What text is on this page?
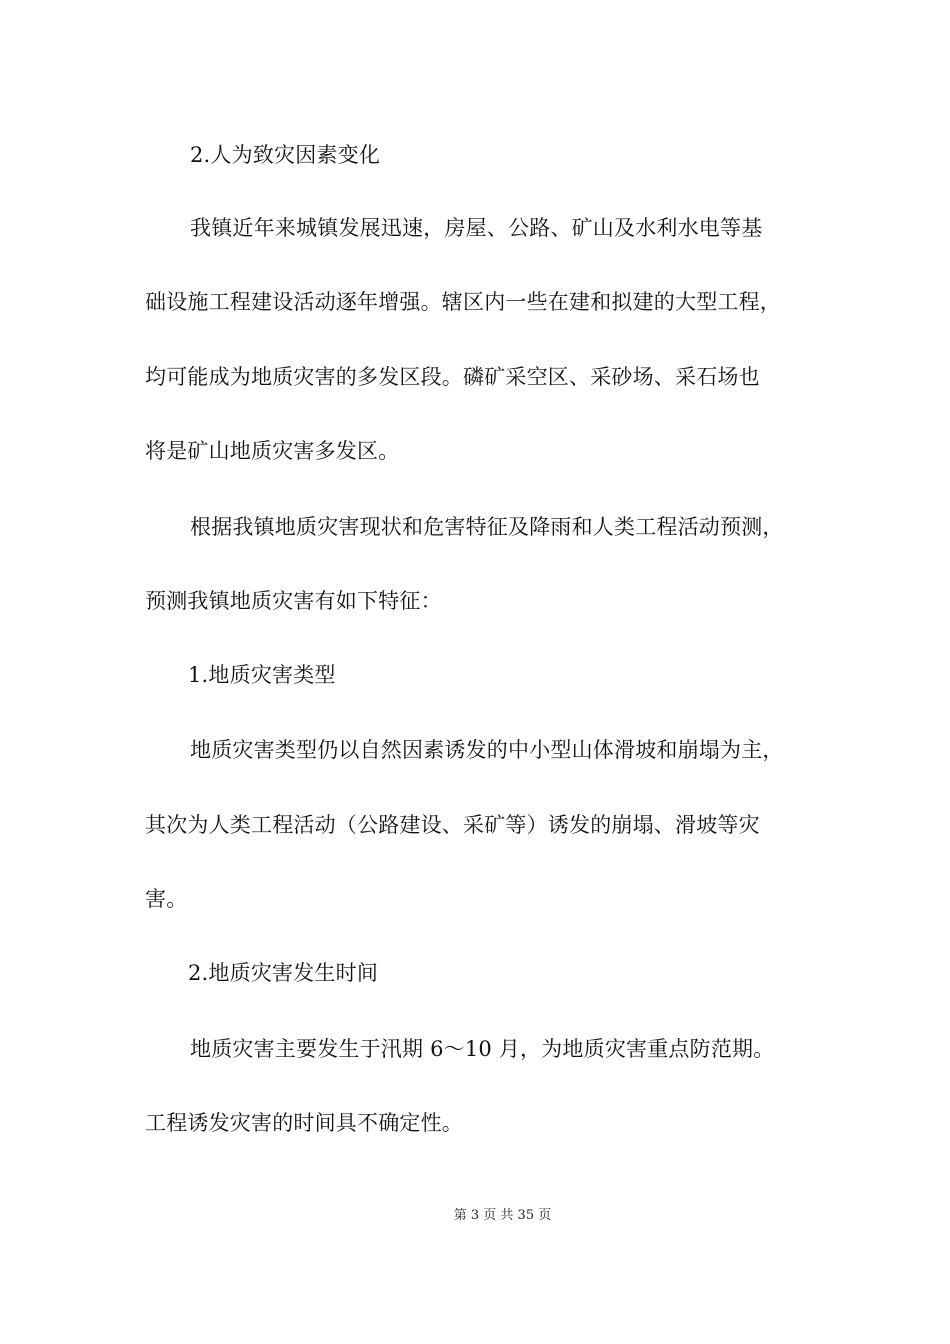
2.人为致灾因素变化
我镇近年来城镇发展迅速，房屋、公路、矿山及水利水电等基
础设施工程建设活动逐年增强。辖区内一些在建和拟建的大型工程，
均可能成为地质灾害的多发区段。磷矿采空区、采砂场、采石场也
将是矿山地质灾害多发区。
根据我镇地质灾害现状和危害特征及降雨和人类工程活动预测，
预测我镇地质灾害有如下特征：
1.地质灾害类型
地质灾害类型仍以自然因素诱发的中小型山体滑坡和崩塌为主，
其次为人类工程活动（公路建设、采矿等）诱发的崩塌、滑坡等灾
害。
2.地质灾害发生时间
地质灾害主要发生于汛期 6～10 月，为地质灾害重点防范期。
工程诱发灾害的时间具不确定性。
第 3 页 共 35 页
